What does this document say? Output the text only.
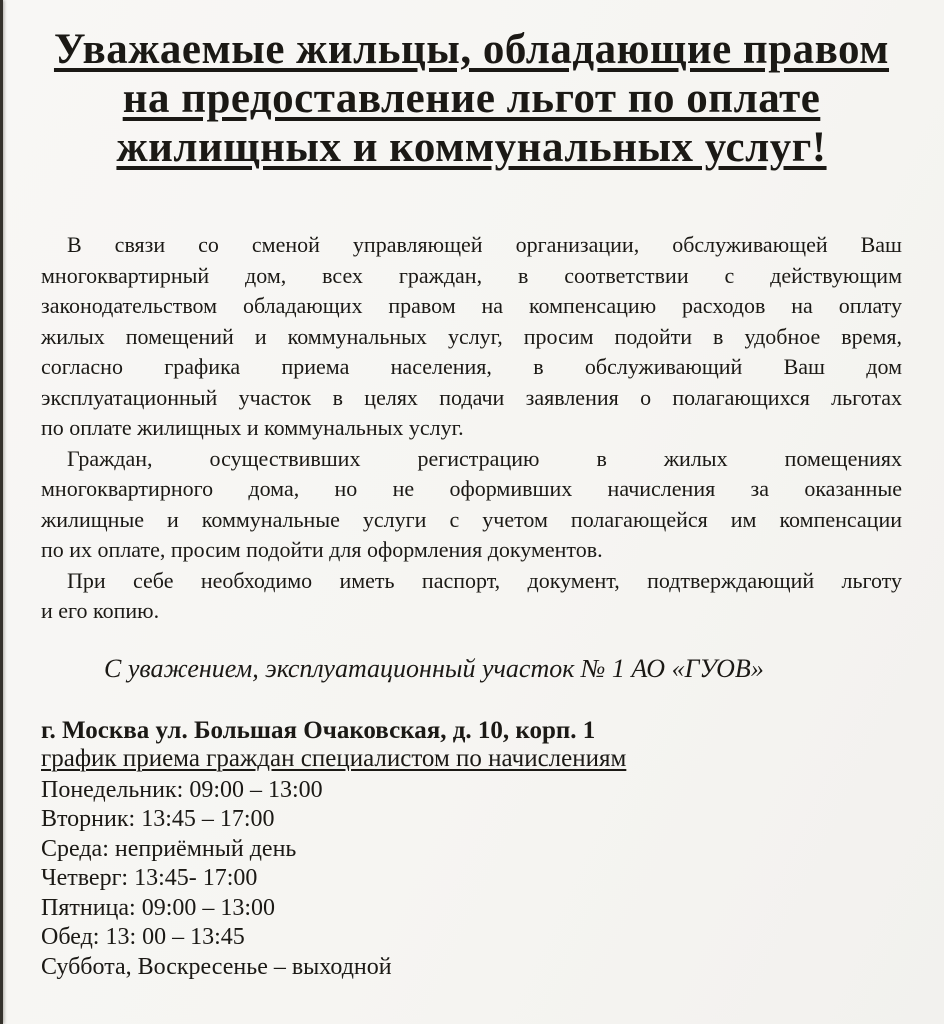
Уважаемые жильцы, обладающие правом
на предоставление льгот по оплате
жилищных и коммунальных услуг!

В связи со сменой управляющей организации, обслуживающей Ваш
многоквартирный дом, всех граждан, в соответствии с действующим
законодательством обладающих правом на компенсацию расходов на оплату
жилых помещений и коммунальных услуг, просим подойти в удобное время,
согласно графика приема населения, в обслуживающий Ваш дом
эксплуатационный участок в целях подачи заявления о полагающихся льготах
по оплате жилищных и коммунальных услуг.

Граждан, осуществивших регистрацию в жилых помещениях
многоквартирного дома, но не оформивших начисления за оказанные
жилищные и коммунальные услуги с учетом полагающейся им компенсации
по их оплате, просим подойти для оформления документов.

При себе необходимо иметь паспорт, документ, подтверждающий льготу
и его копию.

С уважением, эксплуатационный участок № 1 АО «ГУОВ»

г. Москва ул. Большая Очаковская, д. 10, корп. 1

график приема граждан специалистом по начислениям

Понедельник: 09:00 – 13:00
Вторник: 13:45 – 17:00
Среда: неприёмный день
Четверг: 13:45- 17:00
Пятница: 09:00 – 13:00
Обед: 13: 00 – 13:45
Суббота, Воскресенье – выходной
